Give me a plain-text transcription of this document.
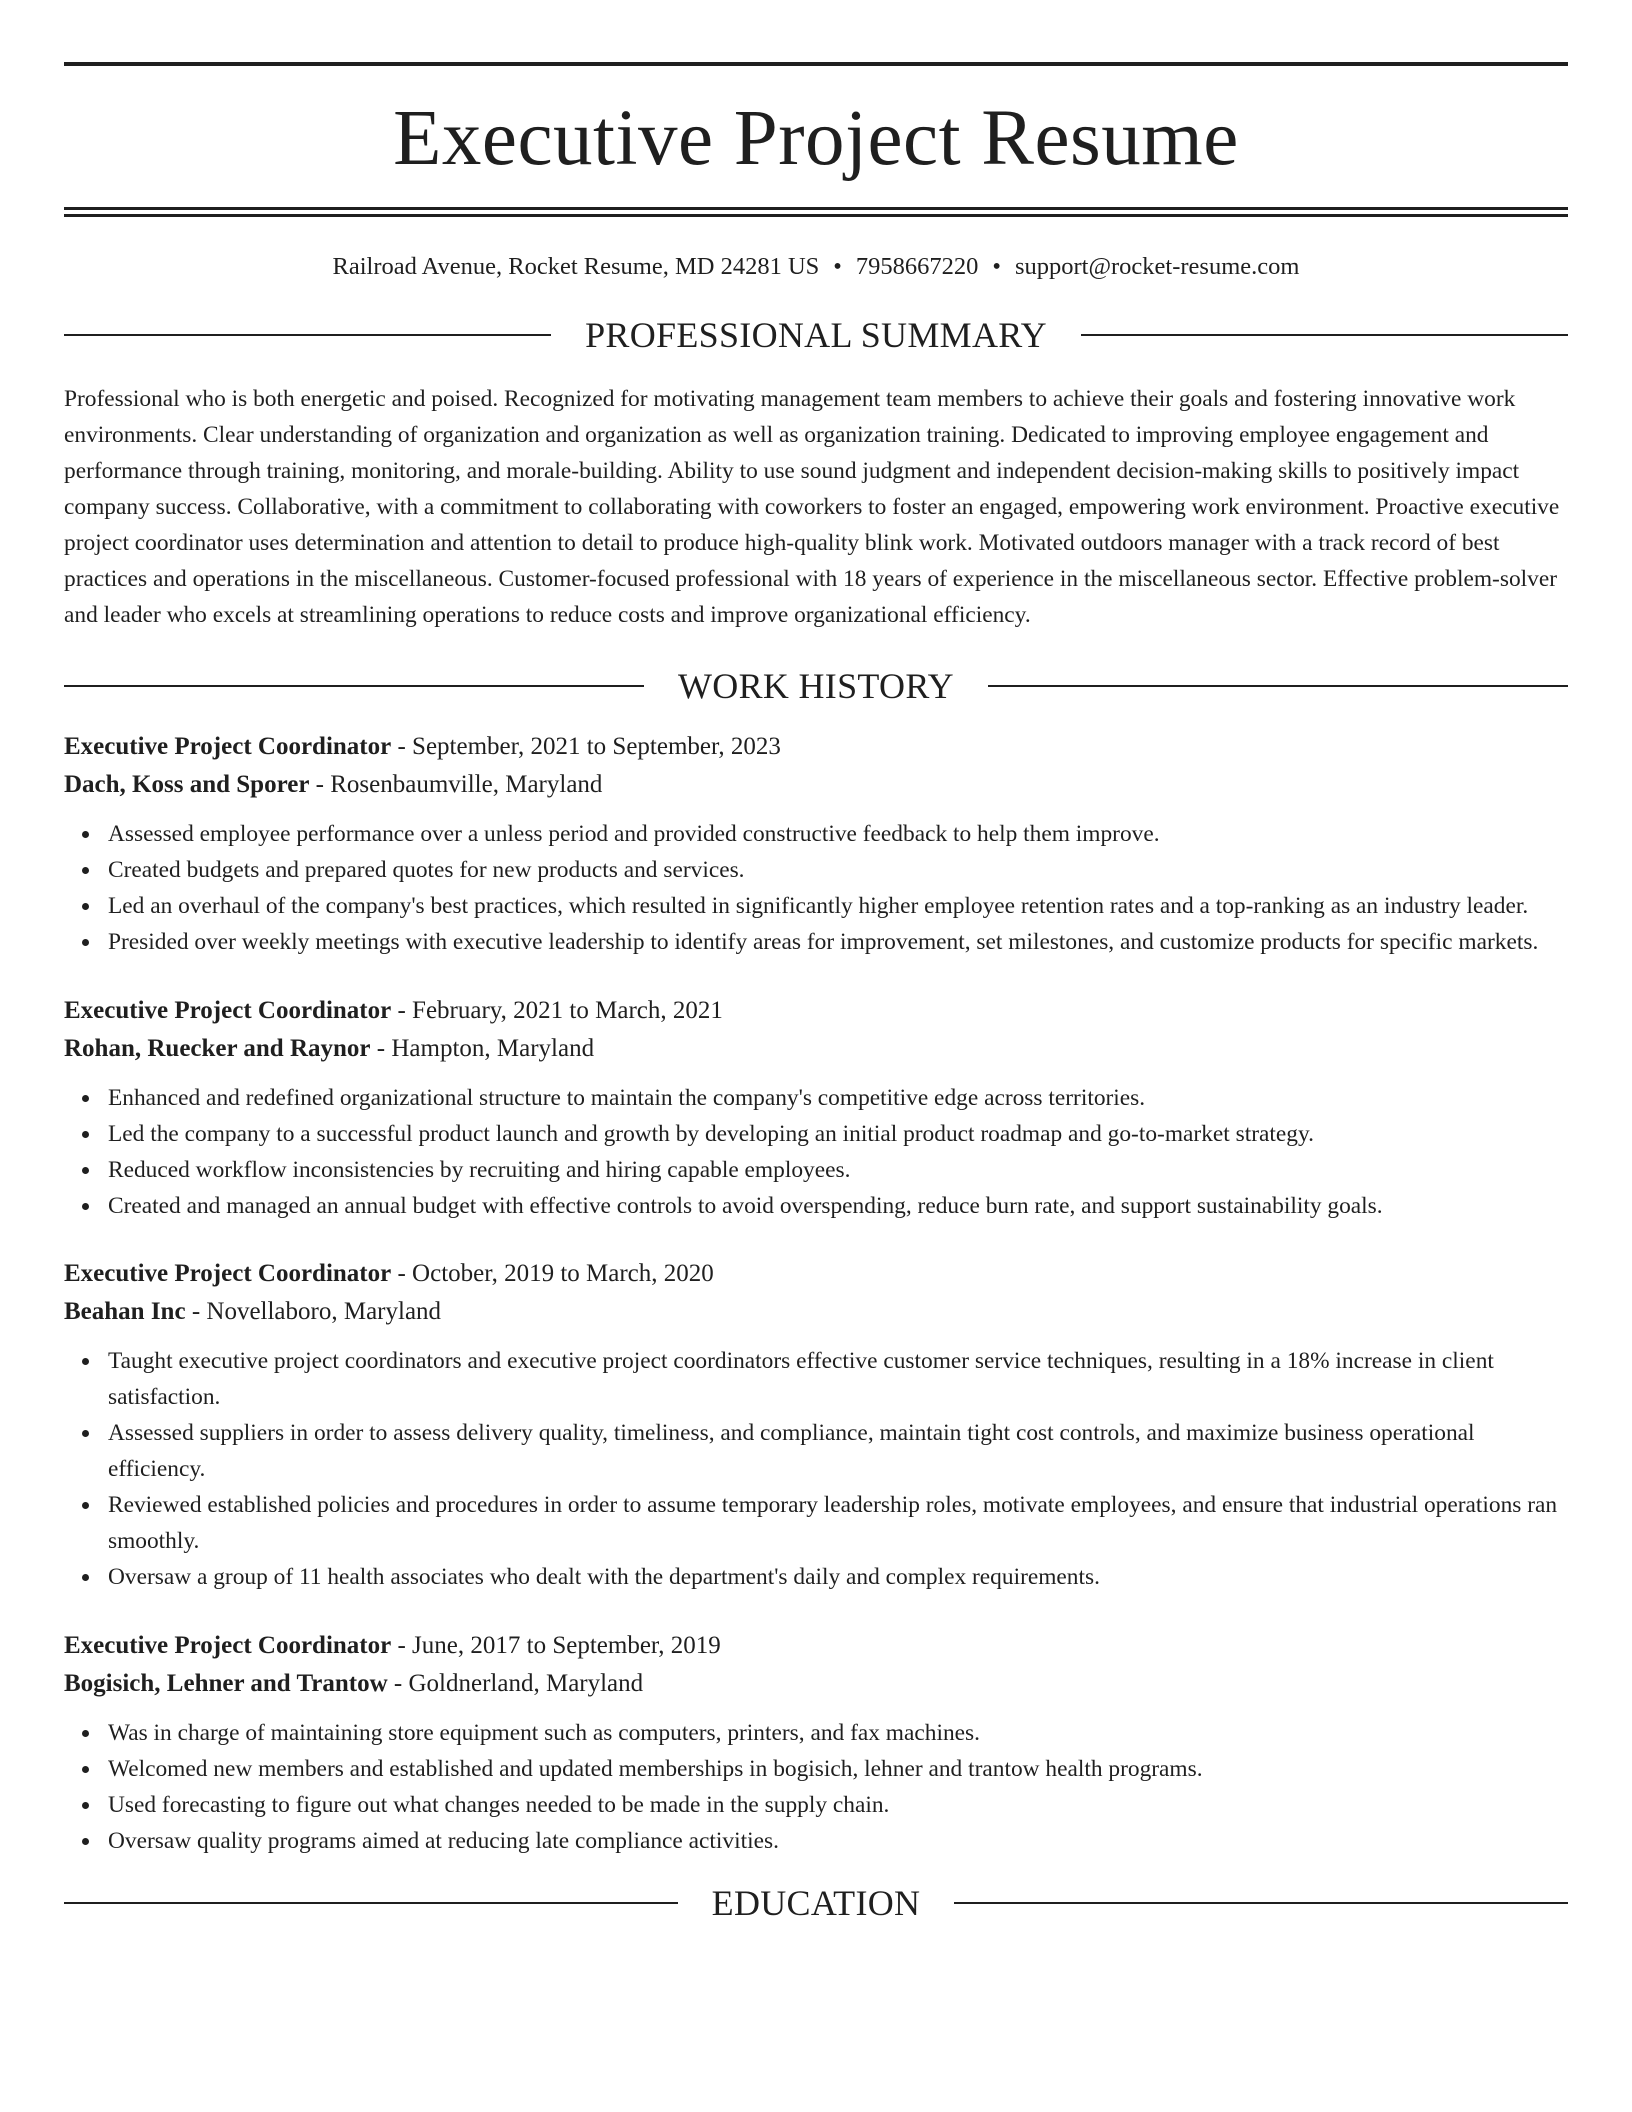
Executive Project Resume
Railroad Avenue, Rocket Resume, MD 24281 US • 7958667220 • support@rocket-resume.com
PROFESSIONAL SUMMARY
Professional who is both energetic and poised. Recognized for motivating management team members to achieve their goals and fostering innovative work environments. Clear understanding of organization and organization as well as organization training. Dedicated to improving employee engagement and performance through training, monitoring, and morale-building. Ability to use sound judgment and independent decision-making skills to positively impact company success. Collaborative, with a commitment to collaborating with coworkers to foster an engaged, empowering work environment. Proactive executive project coordinator uses determination and attention to detail to produce high-quality blink work. Motivated outdoors manager with a track record of best practices and operations in the miscellaneous. Customer-focused professional with 18 years of experience in the miscellaneous sector. Effective problem-solver and leader who excels at streamlining operations to reduce costs and improve organizational efficiency.
WORK HISTORY
Executive Project Coordinator - September, 2021 to September, 2023
Dach, Koss and Sporer - Rosenbaumville, Maryland
Assessed employee performance over a unless period and provided constructive feedback to help them improve.
Created budgets and prepared quotes for new products and services.
Led an overhaul of the company's best practices, which resulted in significantly higher employee retention rates and a top-ranking as an industry leader.
Presided over weekly meetings with executive leadership to identify areas for improvement, set milestones, and customize products for specific markets.
Executive Project Coordinator - February, 2021 to March, 2021
Rohan, Ruecker and Raynor - Hampton, Maryland
Enhanced and redefined organizational structure to maintain the company's competitive edge across territories.
Led the company to a successful product launch and growth by developing an initial product roadmap and go-to-market strategy.
Reduced workflow inconsistencies by recruiting and hiring capable employees.
Created and managed an annual budget with effective controls to avoid overspending, reduce burn rate, and support sustainability goals.
Executive Project Coordinator - October, 2019 to March, 2020
Beahan Inc - Novellaboro, Maryland
Taught executive project coordinators and executive project coordinators effective customer service techniques, resulting in a 18% increase in client satisfaction.
Assessed suppliers in order to assess delivery quality, timeliness, and compliance, maintain tight cost controls, and maximize business operational efficiency.
Reviewed established policies and procedures in order to assume temporary leadership roles, motivate employees, and ensure that industrial operations ran smoothly.
Oversaw a group of 11 health associates who dealt with the department's daily and complex requirements.
Executive Project Coordinator - June, 2017 to September, 2019
Bogisich, Lehner and Trantow - Goldnerland, Maryland
Was in charge of maintaining store equipment such as computers, printers, and fax machines.
Welcomed new members and established and updated memberships in bogisich, lehner and trantow health programs.
Used forecasting to figure out what changes needed to be made in the supply chain.
Oversaw quality programs aimed at reducing late compliance activities.
EDUCATION
